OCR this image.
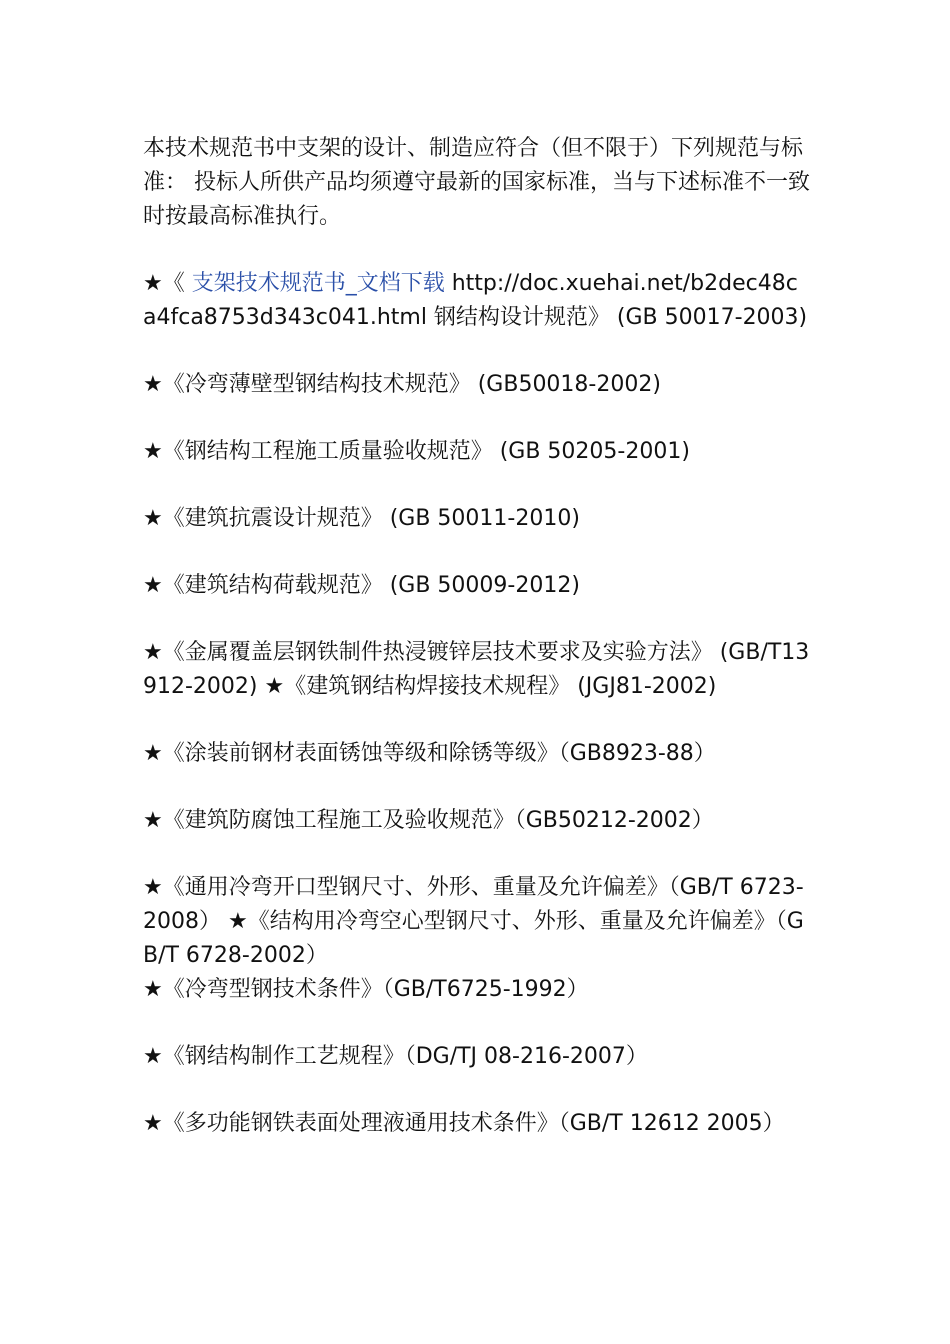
本技术规范书中支架的设计、制造应符合（但不限于）下列规范与标准： 投标人所供产品均须遵守最新的国家标准，当与下述标准不一致时按最高标准执行。

★《 支架技术规范书_文档下载 http://doc.xuehai.net/b2dec48ca4fca8753d343c041.html 钢结构设计规范》 (GB 50017-2003)

★《冷弯薄壁型钢结构技术规范》 (GB50018-2002)

★《钢结构工程施工质量验收规范》 (GB 50205-2001)

★《建筑抗震设计规范》 (GB 50011-2010)

★《建筑结构荷载规范》 (GB 50009-2012)

★《金属覆盖层钢铁制件热浸镀锌层技术要求及实验方法》 (GB/T13912-2002) ★《建筑钢结构焊接技术规程》 (JGJ81-2002)

★《涂装前钢材表面锈蚀等级和除锈等级》（GB8923-88）

★《建筑防腐蚀工程施工及验收规范》（GB50212-2002）

★《通用冷弯开口型钢尺寸、外形、重量及允许偏差》（GB/T 6723-2008） ★《结构用冷弯空心型钢尺寸、外形、重量及允许偏差》（GB/T 6728-2002）

★《冷弯型钢技术条件》（GB/T6725-1992）

★《钢结构制作工艺规程》（DG/TJ 08-216-2007）

★《多功能钢铁表面处理液通用技术条件》（GB/T 12612 2005）
